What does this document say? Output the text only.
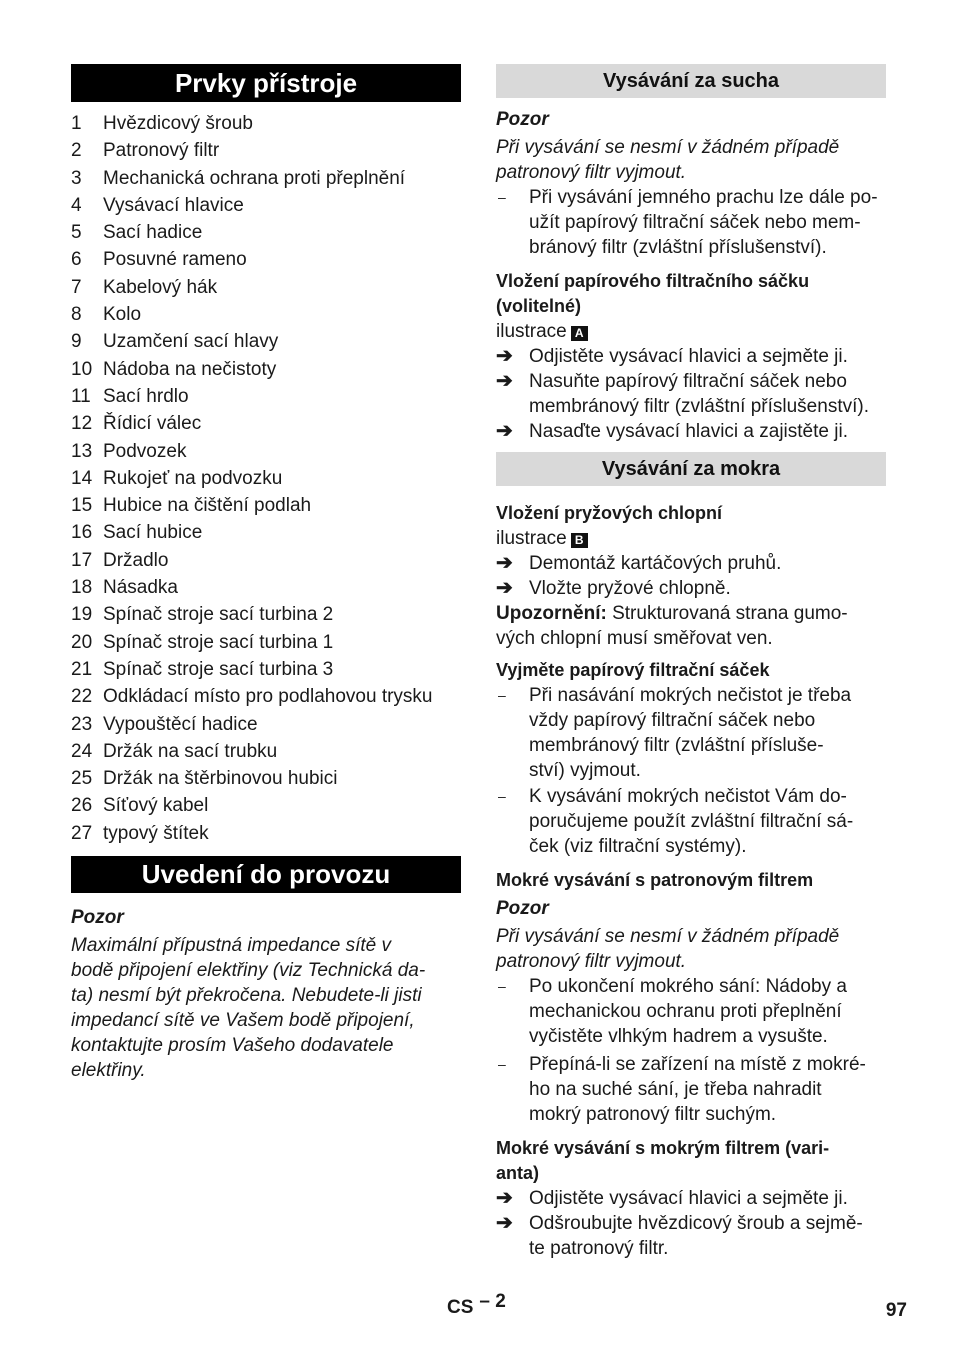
Prvky přístroje
1 Hvězdicový šroub
2 Patronový filtr
3 Mechanická ochrana proti přeplnění
4 Vysávací hlavice
5 Sací hadice
6 Posuvné rameno
7 Kabelový hák
8 Kolo
9 Uzamčení sací hlavy
10 Nádoba na nečistoty
11 Sací hrdlo
12 Řídicí válec
13 Podvozek
14 Rukojeť na podvozku
15 Hubice na čištění podlah
16 Sací hubice
17 Držadlo
18 Násadka
19 Spínač stroje sací turbina 2
20 Spínač stroje sací turbina 1
21 Spínač stroje sací turbina 3
22 Odkládací místo pro podlahovou trysku
23 Vypouštěcí hadice
24 Držák na sací trubku
25 Držák na štěrbinovou hubici
26 Síťový kabel
27 typový štítek
Uvedení do provozu

Pozor

Maximální přípustná impedance sítě v

bodě připojení elektřiny (viz Technická da-

ta) nesmí být překročena. Nebudete-li jisti

impedancí sítě ve Vašem bodě připojení,

kontaktujte prosím Vašeho dodavatele

elektřiny.

Vysávání za sucha

Pozor

Při vysávání se nesmí v žádném případě

patronový filtr vyjmout.

– Při vysávání jemného prachu lze dále po-

užít papírový filtrační sáček nebo mem-

bránový filtr (zvláštní příslušenství).

Vložení papírového filtračního sáčku

(volitelné)

ilustrace A

➔ Odjistěte vysávací hlavici a sejměte ji.

➔ Nasuňte papírový filtrační sáček nebo

membránový filtr (zvláštní příslušenství).

➔ Nasaďte vysávací hlavici a zajistěte ji.

Vysávání za mokra

Vložení pryžových chlopní

ilustrace B

➔ Demontáž kartáčových pruhů.

➔ Vložte pryžové chlopně.

Upozornění: Strukturovaná strana gumo-

vých chlopní musí směřovat ven.

Vyjměte papírový filtrační sáček

– Při nasávání mokrých nečistot je třeba

vždy papírový filtrační sáček nebo

membránový filtr (zvláštní přísluše-

ství) vyjmout.

– K vysávání mokrých nečistot Vám do-

poručujeme použít zvláštní filtrační sá-

ček (viz filtrační systémy).

Mokré vysávání s patronovým filtrem

Pozor

Při vysávání se nesmí v žádném případě

patronový filtr vyjmout.

– Po ukončení mokrého sání: Nádoby a

mechanickou ochranu proti přeplnění

vyčistěte vlhkým hadrem a vysušte.

– Přepíná-li se zařízení na místě z mokré-

ho na suché sání, je třeba nahradit

mokrý patronový filtr suchým.

Mokré vysávání s mokrým filtrem (vari-

anta)

➔ Odjistěte vysávací hlavici a sejměte ji.

➔ Odšroubujte hvězdicový šroub a sejmě-

te patronový filtr.

CS – 2	97
